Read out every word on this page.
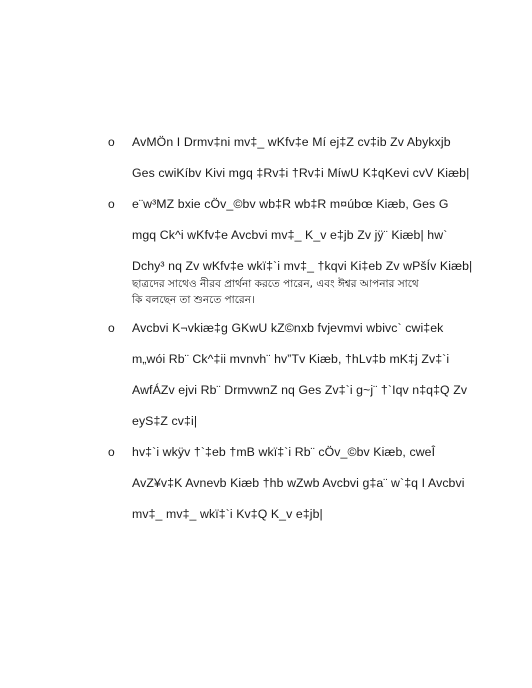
o	AvMÖn I Drmv‡ni mv‡_ wKfv‡e Mí ej‡Z cv‡ib Zv Abykxjb
Ges cwiKíbv Kivi mgq ‡Rv‡i †Rv‡i MíwU K‡qKevi cvV Kiæb|
o	e¨w³MZ bxie cÖv_©bv wb‡R wb‡R m¤úbœ Kiæb, Ges G
mgq Ck^i wKfv‡e Avcbvi mv‡_ K_v e‡jb Zv jÿ¨ Kiæb| hw`
Dchy³ nq Zv wKfv‡e wkï‡`i mv‡_ †kqvi Ki‡eb Zv wPšÍv Kiæb|
ছাত্রদের সাথেও নীরব প্রার্থনা করতে পারেন, এবং ঈশ্বর আপনার সাথে
কি বলছেন তা শুনতে পারেন।
o	Avcbvi K¬vkiæ‡g GKwU kZ©nxb fvjevmvi wbivc` cwi‡ek
m„wói Rb¨ Ck^‡ii mvnvh¨ hv”Tv Kiæb, †hLv‡b mK‡j Zv‡`i
AwfÁZv ejvi Rb¨ DrmvwnZ nq Ges Zv‡`i g~j¨ †`Iqv n‡q‡Q Zv
eyS‡Z cv‡i|
o	hv‡`i wkÿv †`‡eb †mB wkï‡`i Rb¨ cÖv_©bv Kiæb, cweÎ
AvZ¥v‡K Avnevb Kiæb †hb wZwb Avcbvi g‡a¨ w`‡q I Avcbvi
mv‡_ mv‡_ wkï‡`i Kv‡Q K_v e‡jb|
